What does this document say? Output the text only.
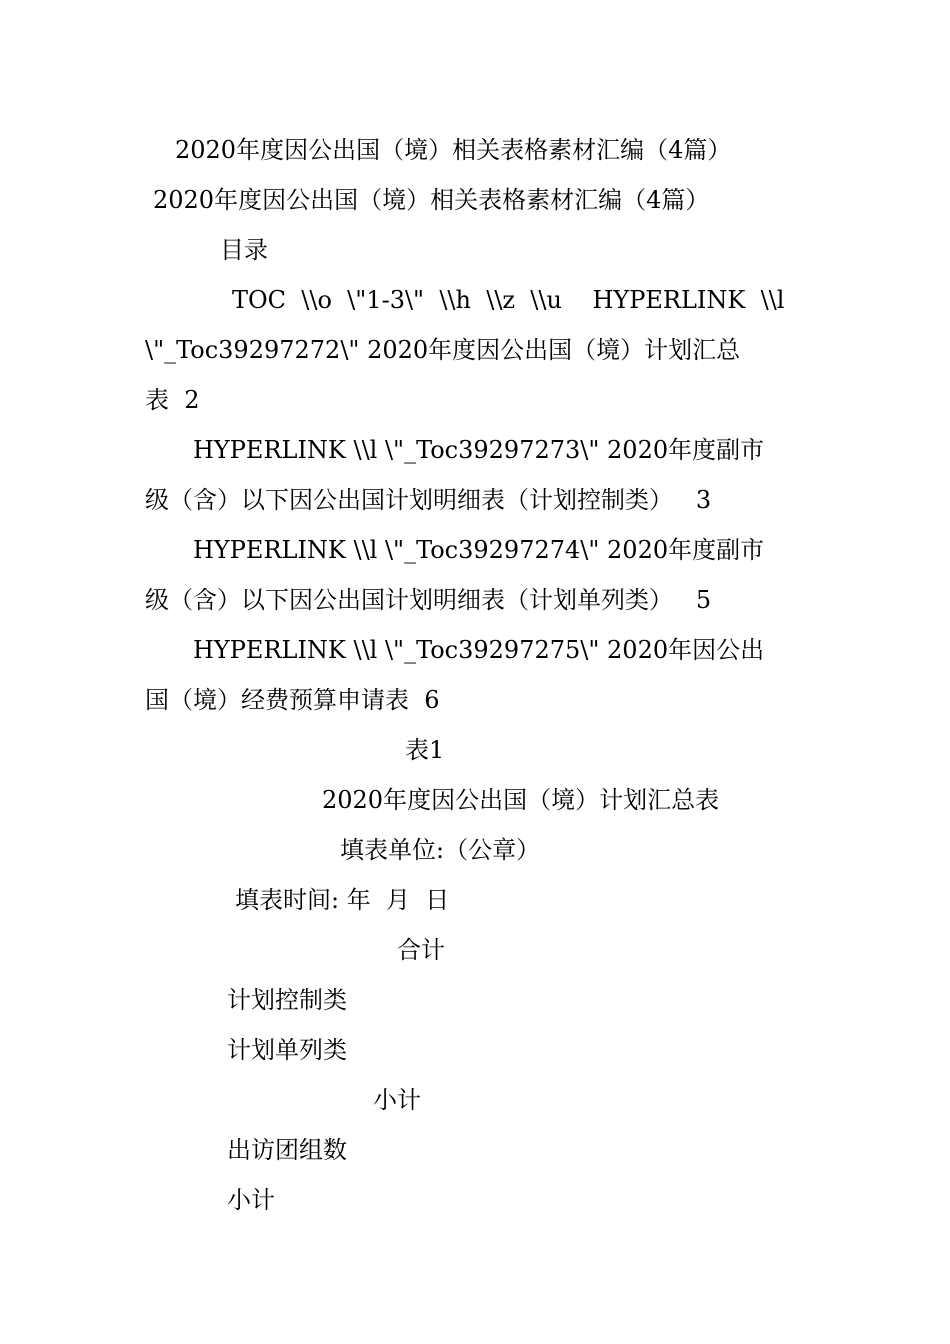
2020年度因公出国（境）相关表格素材汇编（4篇）
2020年度因公出国（境）相关表格素材汇编（4篇）
目录
TOC  \\o  \"1-3\"  \\h  \\z  \\u    HYPERLINK  \\l
\"_Toc39297272\" 2020年度因公出国（境）计划汇总
表  2
HYPERLINK \\l \"_Toc39297273\" 2020年度副市
级（含）以下因公出国计划明细表（计划控制类）   3
HYPERLINK \\l \"_Toc39297274\" 2020年度副市
级（含）以下因公出国计划明细表（计划单列类）   5
HYPERLINK \\l \"_Toc39297275\" 2020年因公出
国（境）经费预算申请表  6
表1
2020年度因公出国（境）计划汇总表
填表单位:（公章）
填表时间: 年  月  日
合计
计划控制类
计划单列类
小计
出访团组数
小计
